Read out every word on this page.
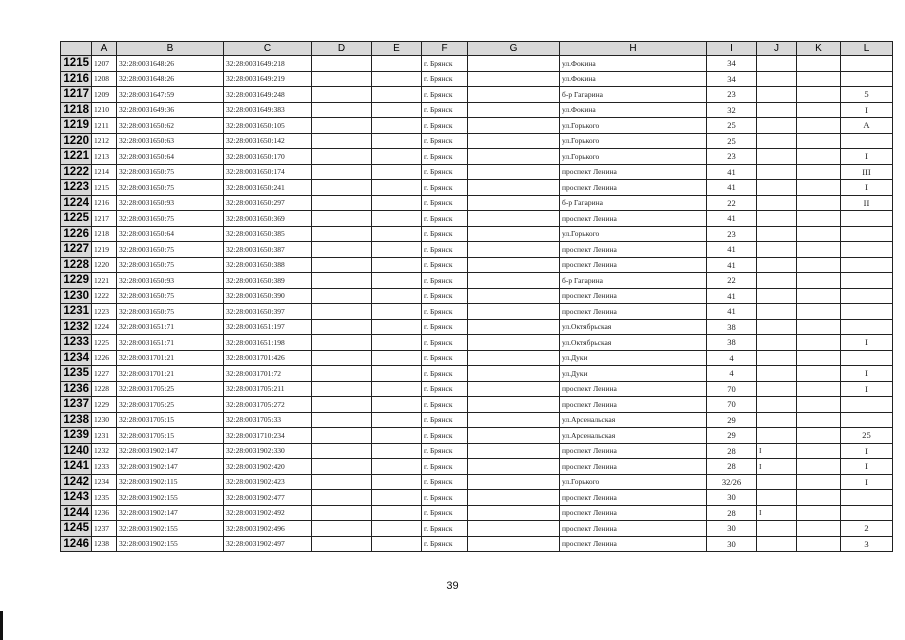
	A	B	C	D	E	F	G	H	I	J	K	L
1215	1207	32:28:0031648:26	32:28:0031649:218			г. Брянск		ул.Фокина	34			
1216	1208	32:28:0031648:26	32:28:0031649:219			г. Брянск		ул.Фокина	34			
1217	1209	32:28:0031647:59	32:28:0031649:248			г. Брянск		б-р Гагарина	23			5
1218	1210	32:28:0031649:36	32:28:0031649:383			г. Брянск		ул.Фокина	32			I
1219	1211	32:28:0031650:62	32:28:0031650:105			г. Брянск		ул.Горького	25			А
1220	1212	32:28:0031650:63	32:28:0031650:142			г. Брянск		ул.Горького	25			
1221	1213	32:28:0031650:64	32:28:0031650:170			г. Брянск		ул.Горького	23			I
1222	1214	32:28:0031650:75	32:28:0031650:174			г. Брянск		проспект Ленина	41			III
1223	1215	32:28:0031650:75	32:28:0031650:241			г. Брянск		проспект Ленина	41			I
1224	1216	32:28:0031650:93	32:28:0031650:297			г. Брянск		б-р Гагарина	22			II
1225	1217	32:28:0031650:75	32:28:0031650:369			г. Брянск		проспект Ленина	41			
1226	1218	32:28:0031650:64	32:28:0031650:385			г. Брянск		ул.Горького	23			
1227	1219	32:28:0031650:75	32:28:0031650:387			г. Брянск		проспект Ленина	41			
1228	1220	32:28:0031650:75	32:28:0031650:388			г. Брянск		проспект Ленина	41			
1229	1221	32:28:0031650:93	32:28:0031650:389			г. Брянск		б-р Гагарина	22			
1230	1222	32:28:0031650:75	32:28:0031650:390			г. Брянск		проспект Ленина	41			
1231	1223	32:28:0031650:75	32:28:0031650:397			г. Брянск		проспект Ленина	41			
1232	1224	32:28:0031651:71	32:28:0031651:197			г. Брянск		ул.Октябрьская	38			
1233	1225	32:28:0031651:71	32:28:0031651:198			г. Брянск		ул.Октябрьская	38			I
1234	1226	32:28:0031701:21	32:28:0031701:426			г. Брянск		ул.Дуки	4			
1235	1227	32:28:0031701:21	32:28:0031701:72			г. Брянск		ул.Дуки	4			I
1236	1228	32:28:0031705:25	32:28:0031705:211			г. Брянск		проспект Ленина	70			I
1237	1229	32:28:0031705:25	32:28:0031705:272			г. Брянск		проспект Ленина	70			
1238	1230	32:28:0031705:15	32:28:0031705:33			г. Брянск		ул.Арсенальская	29			
1239	1231	32:28:0031705:15	32:28:0031710:234			г. Брянск		ул.Арсенальская	29			25
1240	1232	32:28:0031902:147	32:28:0031902:330			г. Брянск		проспект Ленина	28	I		I
1241	1233	32:28:0031902:147	32:28:0031902:420			г. Брянск		проспект Ленина	28	I		I
1242	1234	32:28:0031902:115	32:28:0031902:423			г. Брянск		ул.Горького	32/26			I
1243	1235	32:28:0031902:155	32:28:0031902:477			г. Брянск		проспект Ленина	30			
1244	1236	32:28:0031902:147	32:28:0031902:492			г. Брянск		проспект Ленина	28	I		
1245	1237	32:28:0031902:155	32:28:0031902:496			г. Брянск		проспект Ленина	30			2
1246	1238	32:28:0031902:155	32:28:0031902:497			г. Брянск		проспект Ленина	30			3
39
